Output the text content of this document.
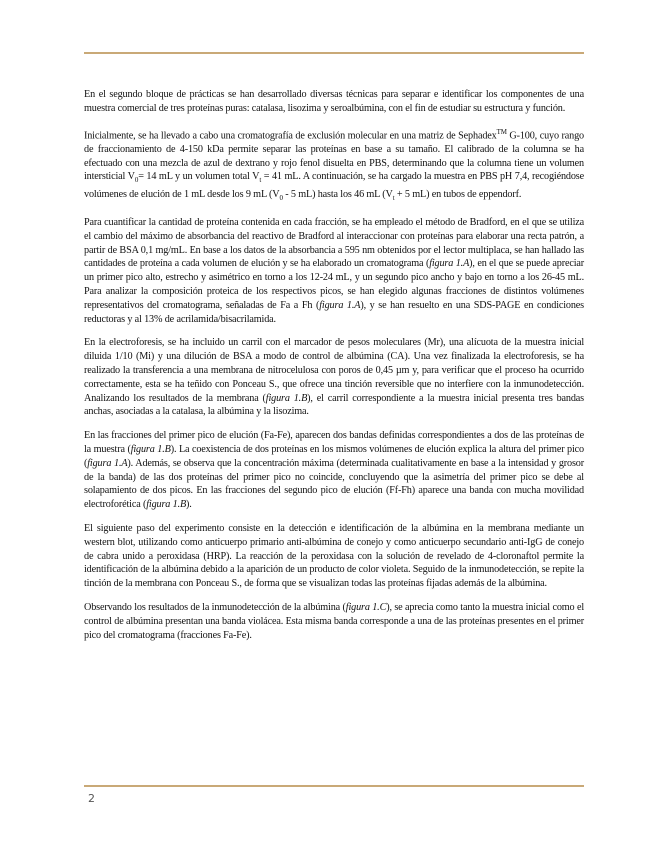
En el segundo bloque de prácticas se han desarrollado diversas técnicas para separar e identificar los componentes de una muestra comercial de tres proteínas puras: catalasa, lisozima y seroalbúmina, con el fin de estudiar su estructura y función.

Inicialmente, se ha llevado a cabo una cromatografía de exclusión molecular en una matriz de Sephadex™ G-100, cuyo rango de fraccionamiento de 4-150 kDa permite separar las proteínas en base a su tamaño. El calibrado de la columna se ha efectuado con una mezcla de azul de dextrano y rojo fenol disuelta en PBS, determinando que la columna tiene un volumen intersticial $V_0= 14$ mL y un volumen total $V_t = 41$ mL. A continuación, se ha cargado la muestra en PBS pH 7,4, recogiéndose volúmenes de elución de 1 mL desde los 9 mL ($V_0 - 5$ mL) hasta los 46 mL ($V_t + 5$ mL) en tubos de eppendorf.

Para cuantificar la cantidad de proteína contenida en cada fracción, se ha empleado el método de Bradford, en el que se utiliza el cambio del máximo de absorbancia del reactivo de Bradford al interaccionar con proteínas para elaborar una recta patrón, a partir de BSA 0,1 mg/mL. En base a los datos de la absorbancia a 595 nm obtenidos por el lector multiplaca, se han hallado las cantidades de proteína a cada volumen de elución y se ha elaborado un cromatograma (figura 1.A), en el que se puede apreciar un primer pico alto, estrecho y asimétrico en torno a los 12-24 mL, y un segundo pico ancho y bajo en torno a los 26-45 mL. Para analizar la composición proteica de los respectivos picos, se han elegido algunas fracciones de distintos volúmenes representativos del cromatograma, señaladas de Fa a Fh (figura 1.A), y se han resuelto en una SDS-PAGE en condiciones reductoras y al 13% de acrilamida/bisacrilamida.

En la electroforesis, se ha incluido un carril con el marcador de pesos moleculares (Mr), una alícuota de la muestra inicial diluida 1/10 (Mi) y una dilución de BSA a modo de control de albúmina (CA). Una vez finalizada la electroforesis, se ha realizado la transferencia a una membrana de nitrocelulosa con poros de 0,45 µm y, para verificar que el proceso ha ocurrido correctamente, esta se ha teñido con Ponceau S., que ofrece una tinción reversible que no interfiere con la inmunodetección. Analizando los resultados de la membrana (figura 1.B), el carril correspondiente a la muestra inicial presenta tres bandas anchas, asociadas a la catalasa, la albúmina y la lisozima.

En las fracciones del primer pico de elución (Fa-Fe), aparecen dos bandas definidas correspondientes a dos de las proteínas de la muestra (figura 1.B). La coexistencia de dos proteínas en los mismos volúmenes de elución explica la altura del primer pico (figura 1.A). Además, se observa que la concentración máxima (determinada cualitativamente en base a la intensidad y grosor de la banda) de las dos proteínas del primer pico no coincide, concluyendo que la asimetría del primer pico se debe al solapamiento de dos picos. En las fracciones del segundo pico de elución (Ff-Fh) aparece una banda con mucha movilidad electroforética (figura 1.B).

El siguiente paso del experimento consiste en la detección e identificación de la albúmina en la membrana mediante un western blot, utilizando como anticuerpo primario anti-albúmina de conejo y como anticuerpo secundario anti-IgG de conejo de cabra unido a peroxidasa (HRP). La reacción de la peroxidasa con la solución de revelado de 4-cloronaftol permite la identificación de la albúmina debido a la aparición de un producto de color violeta. Seguido de la inmunodetección, se repite la tinción de la membrana con Ponceau S., de forma que se visualizan todas las proteínas fijadas además de la albúmina.

Observando los resultados de la inmunodetección de la albúmina (figura 1.C), se aprecia como tanto la muestra inicial como el control de albúmina presentan una banda violácea. Esta misma banda corresponde a una de las proteínas presentes en el primer pico del cromatograma (fracciones Fa-Fe).

2
